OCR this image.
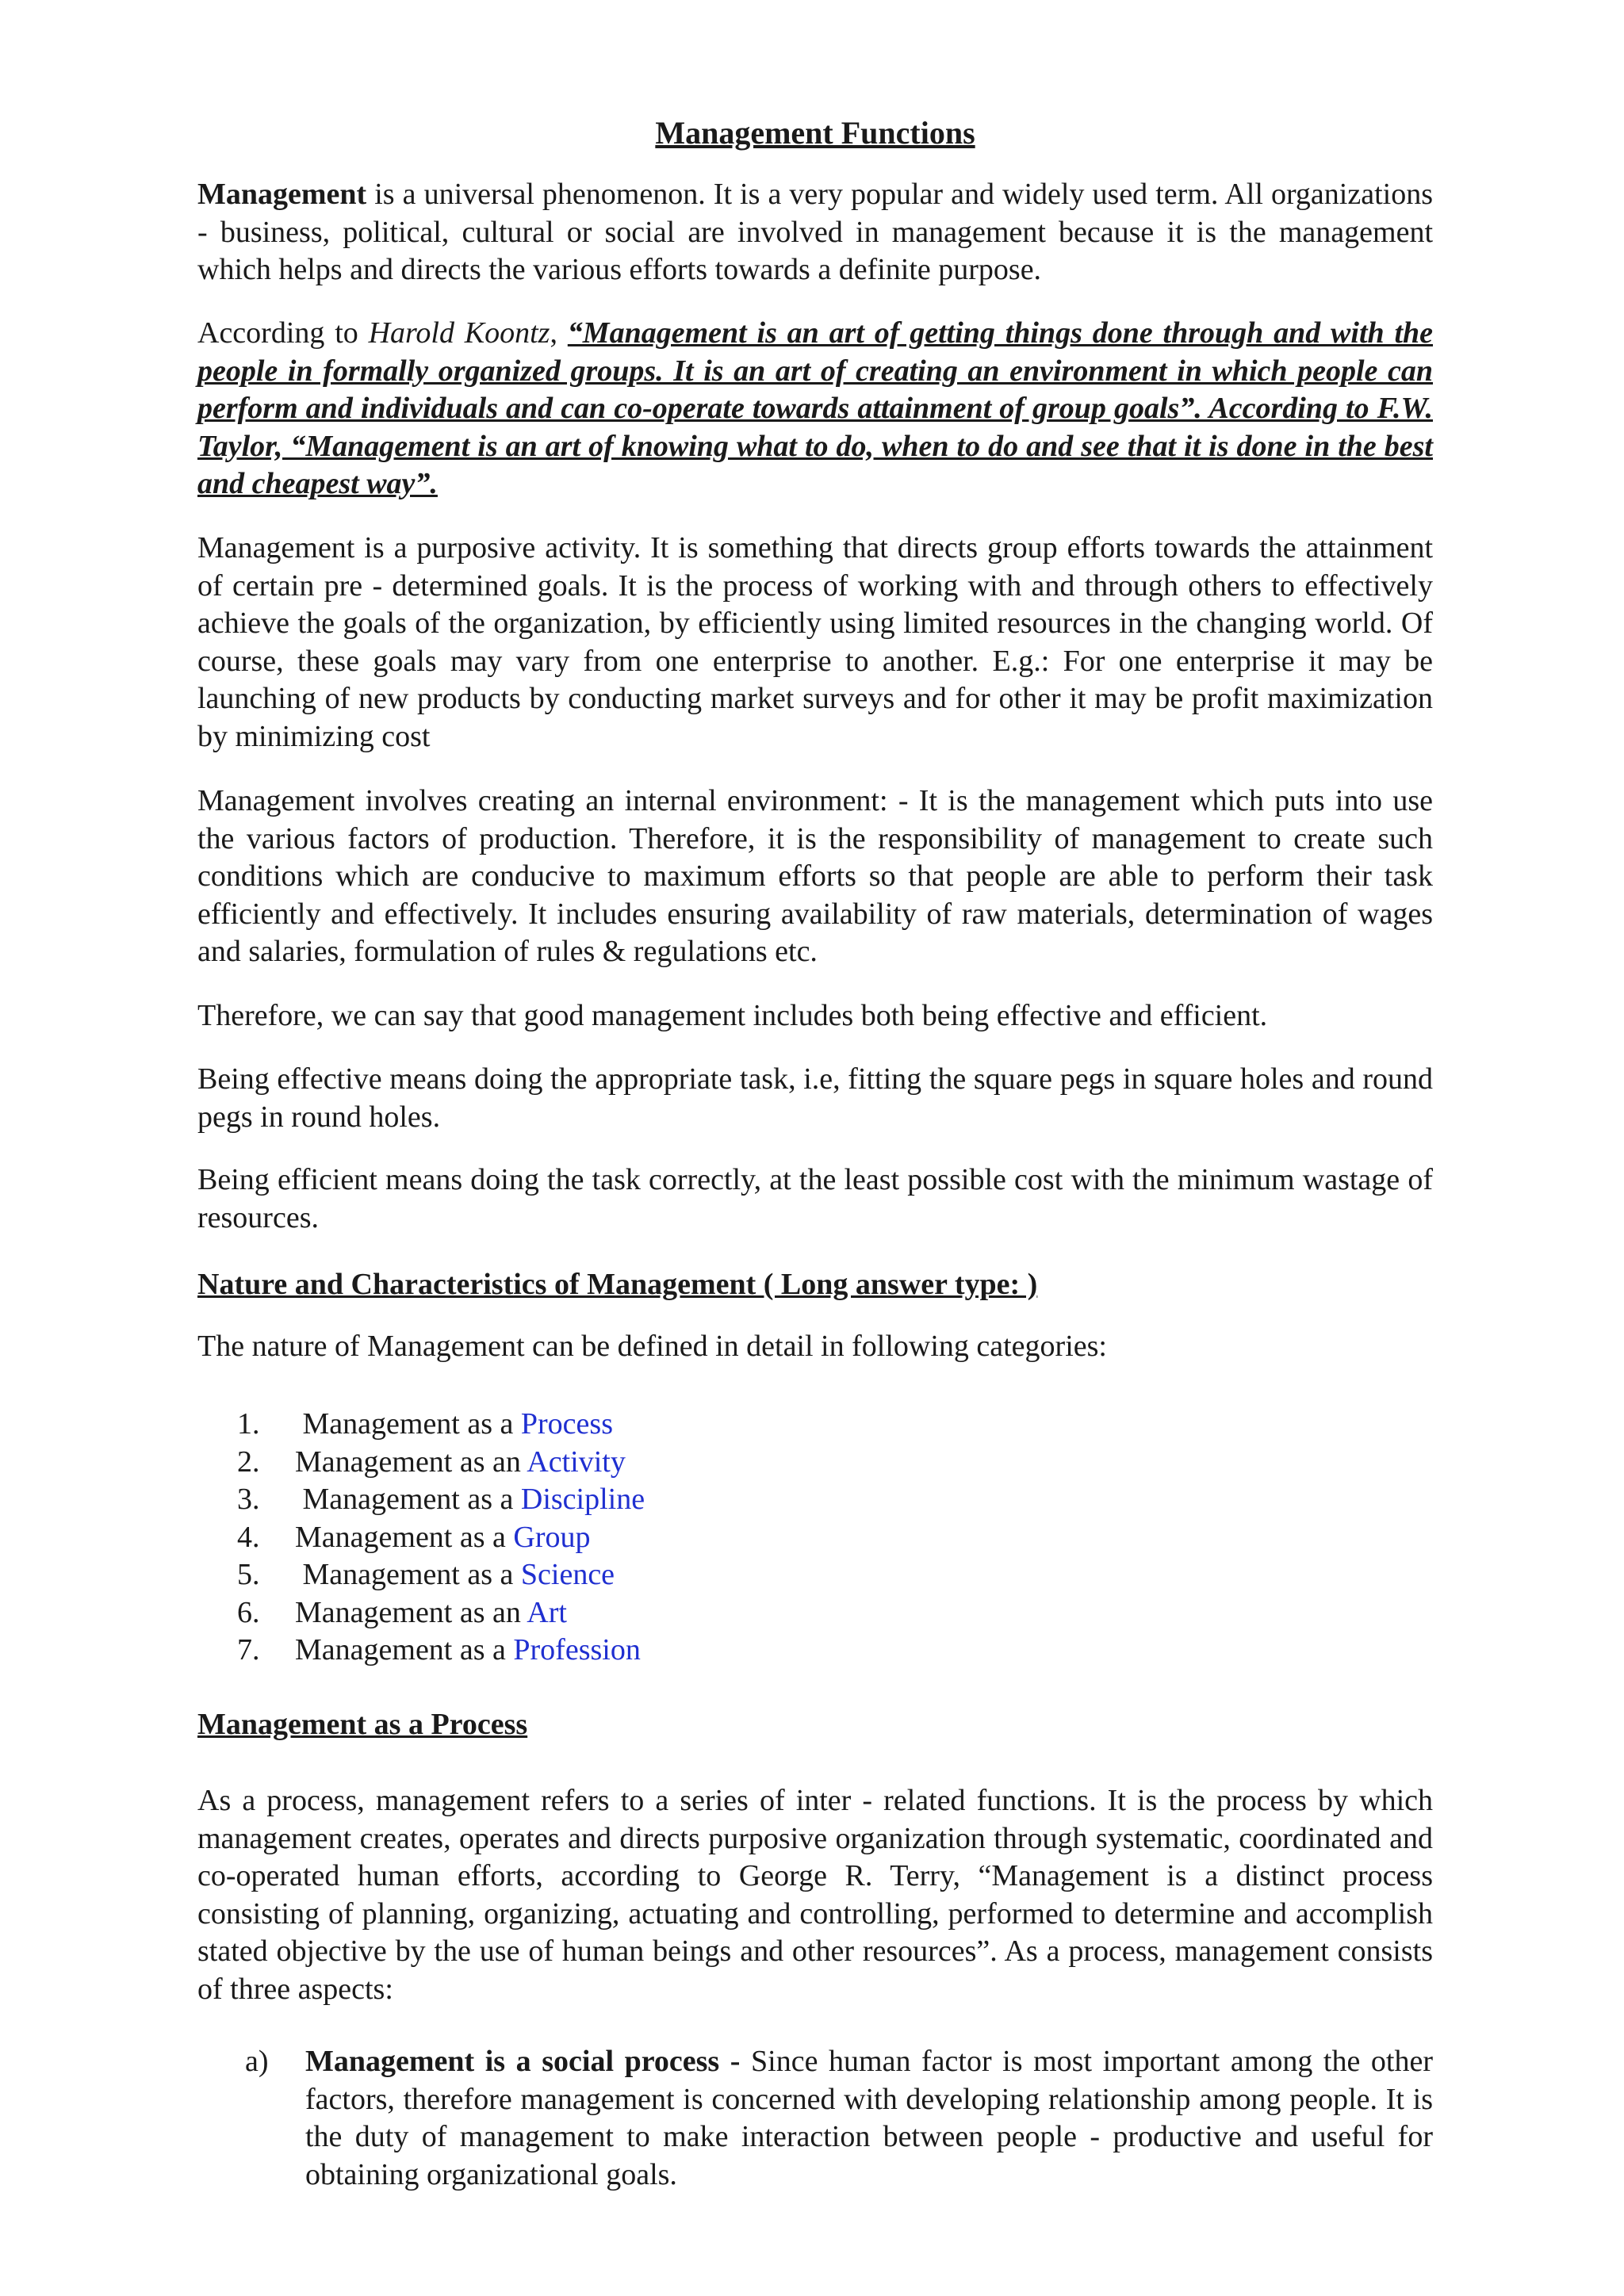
Management Functions

Management is a universal phenomenon. It is a very popular and widely used term. All organizations - business, political, cultural or social are involved in management because it is the management which helps and directs the various efforts towards a definite purpose.

According to Harold Koontz, “Management is an art of getting things done through and with the people in formally organized groups. It is an art of creating an environment in which people can perform and individuals and can co-operate towards attainment of group goals”. According to F.W. Taylor, “Management is an art of knowing what to do, when to do and see that it is done in the best and cheapest way”.

Management is a purposive activity. It is something that directs group efforts towards the attainment of certain pre - determined goals. It is the process of working with and through others to effectively achieve the goals of the organization, by efficiently using limited resources in the changing world. Of course, these goals may vary from one enterprise to another. E.g.: For one enterprise it may be launching of new products by conducting market surveys and for other it may be profit maximization by minimizing cost

Management involves creating an internal environment: - It is the management which puts into use the various factors of production. Therefore, it is the responsibility of management to create such conditions which are conducive to maximum efforts so that people are able to perform their task efficiently and effectively. It includes ensuring availability of raw materials, determination of wages and salaries, formulation of rules & regulations etc.

Therefore, we can say that good management includes both being effective and efficient.

Being effective means doing the appropriate task, i.e, fitting the square pegs in square holes and round pegs in round holes.

Being efficient means doing the task correctly, at the least possible cost with the minimum wastage of resources.

Nature and Characteristics of Management ( Long answer type: )

The nature of Management can be defined in detail in following categories:

1. Management as a Process
2. Management as an Activity
3. Management as a Discipline
4. Management as a Group
5. Management as a Science
6. Management as an Art
7. Management as a Profession

Management as a Process

As a process, management refers to a series of inter - related functions. It is the process by which management creates, operates and directs purposive organization through systematic, coordinated and co-operated human efforts, according to George R. Terry, “Management is a distinct process consisting of planning, organizing, actuating and controlling, performed to determine and accomplish stated objective by the use of human beings and other resources”. As a process, management consists of three aspects:

a) Management is a social process - Since human factor is most important among the other factors, therefore management is concerned with developing relationship among people. It is the duty of management to make interaction between people - productive and useful for obtaining organizational goals.
